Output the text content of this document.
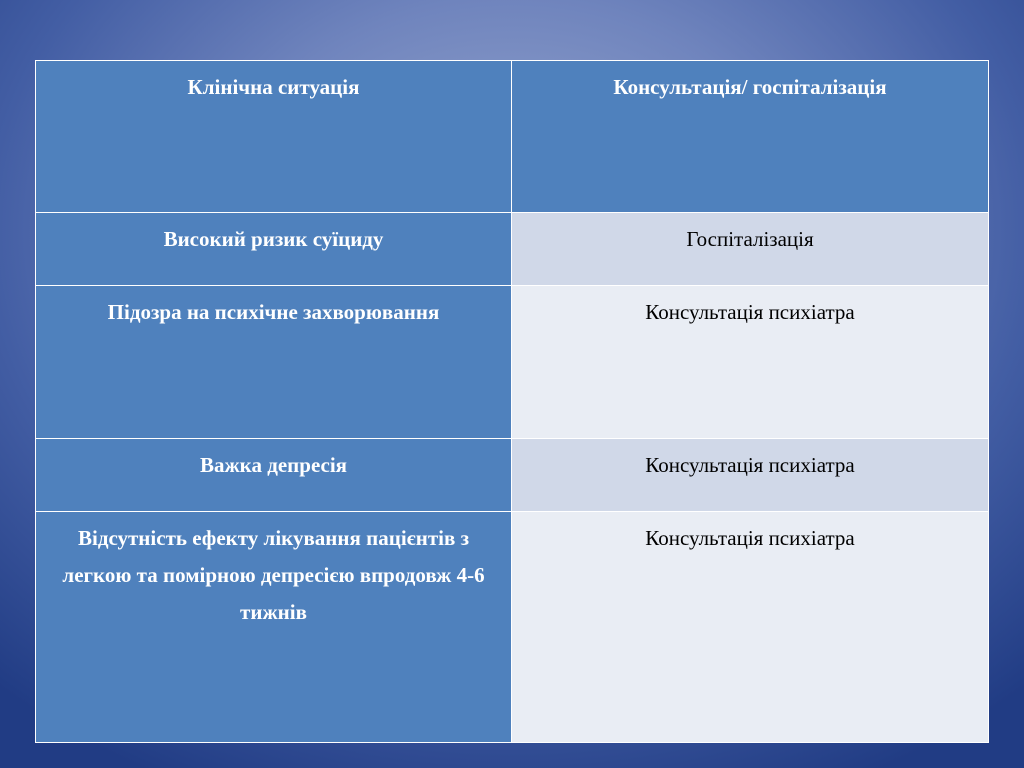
Клінічна ситуація	Консультація/ госпіталізація
Високий ризик суїциду	Госпіталізація
Підозра на психічне захворювання	Консультація психіатра
Важка депресія	Консультація психіатра
Відсутність ефекту лікування пацієнтів з легкою та помірною депресією впродовж 4-6 тижнів	Консультація психіатра
